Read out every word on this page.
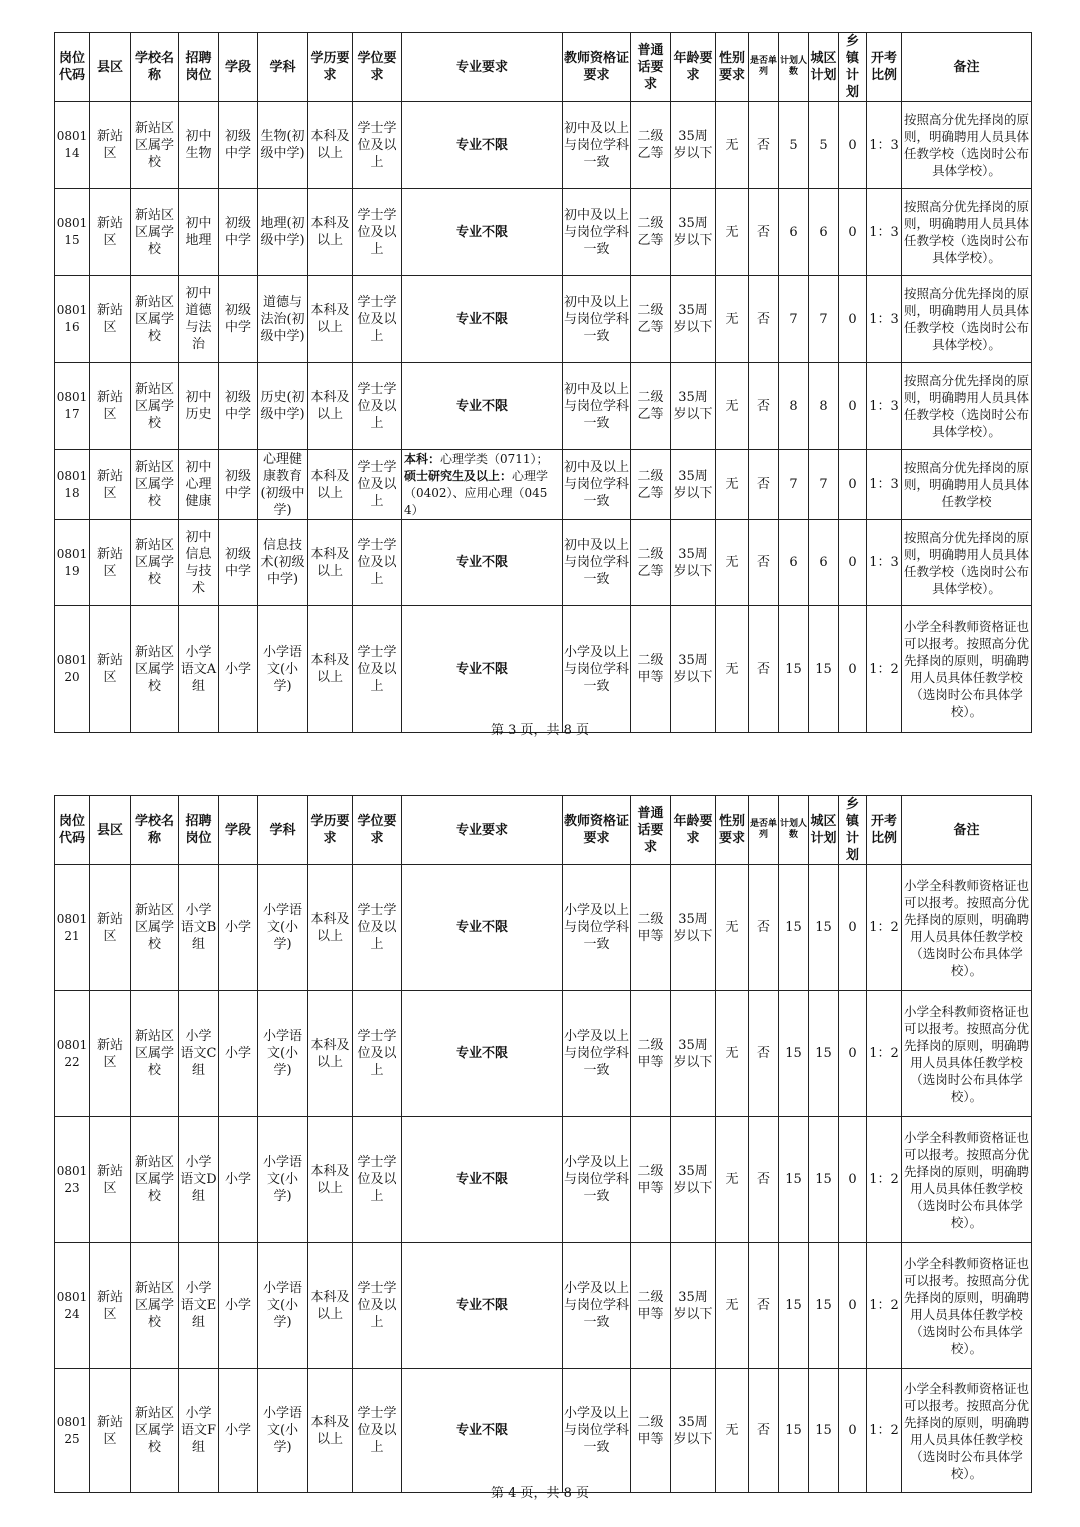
岗位代码	县区	学校名称	招聘岗位	学段	学科	学历要求	学位要求	专业要求	教师资格证要求	普通话要求	年龄要求	性别要求	是否单列	计划人数	城区计划	乡镇计划	开考比例	备注
080114	新站区	新站区区属学校	初中生物	初级中学	生物(初级中学)	本科及以上	学士学位及以上	专业不限	初中及以上与岗位学科一致	二级乙等	35周岁以下	无	否	5	5	0	1：3	按照高分优先择岗的原则，明确聘用人员具体任教学校（选岗时公布具体学校）。
080115	新站区	新站区区属学校	初中地理	初级中学	地理(初级中学)	本科及以上	学士学位及以上	专业不限	初中及以上与岗位学科一致	二级乙等	35周岁以下	无	否	6	6	0	1：3	按照高分优先择岗的原则，明确聘用人员具体任教学校（选岗时公布具体学校）。
080116	新站区	新站区区属学校	初中道德与法治	初级中学	道德与法治(初级中学)	本科及以上	学士学位及以上	专业不限	初中及以上与岗位学科一致	二级乙等	35周岁以下	无	否	7	7	0	1：3	按照高分优先择岗的原则，明确聘用人员具体任教学校（选岗时公布具体学校）。
080117	新站区	新站区区属学校	初中历史	初级中学	历史(初级中学)	本科及以上	学士学位及以上	专业不限	初中及以上与岗位学科一致	二级乙等	35周岁以下	无	否	8	8	0	1：3	按照高分优先择岗的原则，明确聘用人员具体任教学校（选岗时公布具体学校）。
080118	新站区	新站区区属学校	初中心理健康	初级中学	心理健康教育(初级中学)	本科及以上	学士学位及以上	本科：心理学类（0711）；硕士研究生及以上：心理学（0402）、应用心理（0454）	初中及以上与岗位学科一致	二级乙等	35周岁以下	无	否	7	7	0	1：3	按照高分优先择岗的原则，明确聘用人员具体任教学校
080119	新站区	新站区区属学校	初中信息与技术	初级中学	信息技术(初级中学)	本科及以上	学士学位及以上	专业不限	初中及以上与岗位学科一致	二级乙等	35周岁以下	无	否	6	6	0	1：3	按照高分优先择岗的原则，明确聘用人员具体任教学校（选岗时公布具体学校）。
080120	新站区	新站区区属学校	小学语文A组	小学	小学语文(小学)	本科及以上	学士学位及以上	专业不限	小学及以上与岗位学科一致	二级甲等	35周岁以下	无	否	15	15	0	1：2	小学全科教师资格证也可以报考。按照高分优先择岗的原则，明确聘用人员具体任教学校（选岗时公布具体学校）。
第 3 页，共 8 页
岗位代码	县区	学校名称	招聘岗位	学段	学科	学历要求	学位要求	专业要求	教师资格证要求	普通话要求	年龄要求	性别要求	是否单列	计划人数	城区计划	乡镇计划	开考比例	备注
080121	新站区	新站区区属学校	小学语文B组	小学	小学语文(小学)	本科及以上	学士学位及以上	专业不限	小学及以上与岗位学科一致	二级甲等	35周岁以下	无	否	15	15	0	1：2	小学全科教师资格证也可以报考。按照高分优先择岗的原则，明确聘用人员具体任教学校（选岗时公布具体学校）。
080122	新站区	新站区区属学校	小学语文C组	小学	小学语文(小学)	本科及以上	学士学位及以上	专业不限	小学及以上与岗位学科一致	二级甲等	35周岁以下	无	否	15	15	0	1：2	小学全科教师资格证也可以报考。按照高分优先择岗的原则，明确聘用人员具体任教学校（选岗时公布具体学校）。
080123	新站区	新站区区属学校	小学语文D组	小学	小学语文(小学)	本科及以上	学士学位及以上	专业不限	小学及以上与岗位学科一致	二级甲等	35周岁以下	无	否	15	15	0	1：2	小学全科教师资格证也可以报考。按照高分优先择岗的原则，明确聘用人员具体任教学校（选岗时公布具体学校）。
080124	新站区	新站区区属学校	小学语文E组	小学	小学语文(小学)	本科及以上	学士学位及以上	专业不限	小学及以上与岗位学科一致	二级甲等	35周岁以下	无	否	15	15	0	1：2	小学全科教师资格证也可以报考。按照高分优先择岗的原则，明确聘用人员具体任教学校（选岗时公布具体学校）。
080125	新站区	新站区区属学校	小学语文F组	小学	小学语文(小学)	本科及以上	学士学位及以上	专业不限	小学及以上与岗位学科一致	二级甲等	35周岁以下	无	否	15	15	0	1：2	小学全科教师资格证也可以报考。按照高分优先择岗的原则，明确聘用人员具体任教学校（选岗时公布具体学校）。
第 4 页，共 8 页
